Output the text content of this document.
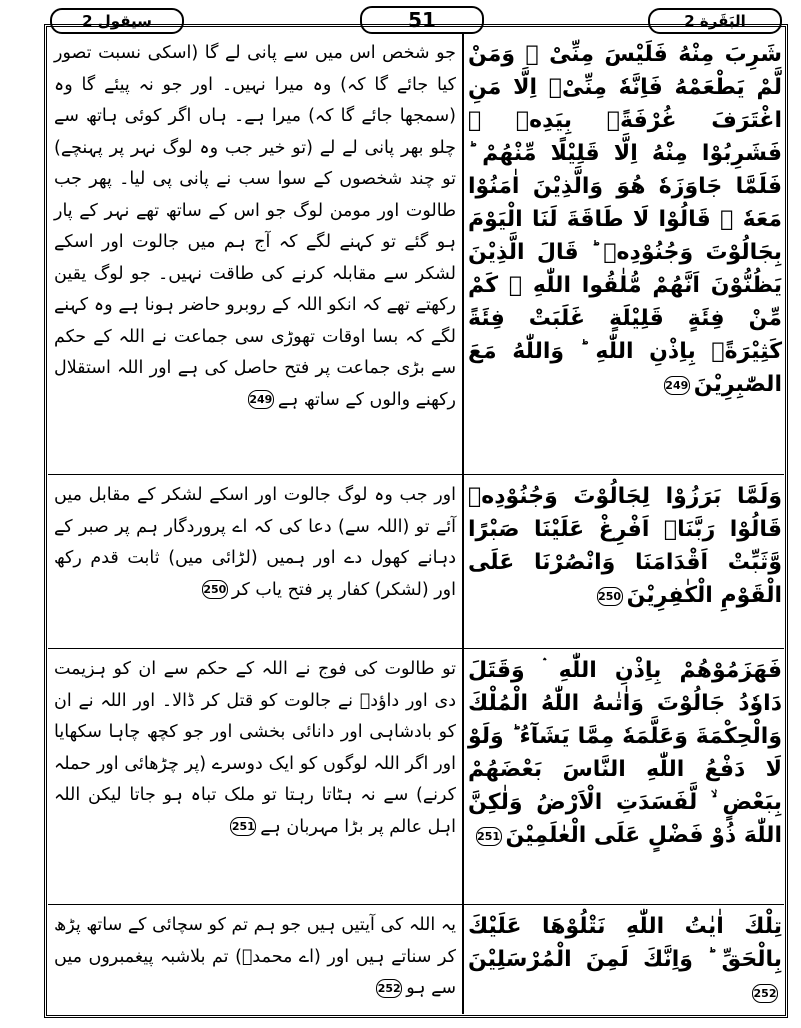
البَقَرة 2
51
سیقول 2
شَرِبَ مِنْهُ فَلَيْسَ مِنِّیْ ۚ وَمَنْ لَّمْ يَطْعَمْهُ فَاِنَّهٗ مِنِّیْۤ اِلَّا مَنِ اغْتَرَفَ غُرْفَةًۢ بِيَدِهٖ ۚ فَشَرِبُوْا مِنْهُ اِلَّا قَلِيْلًا مِّنْهُمْ ؕ فَلَمَّا جَاوَزَهٗ هُوَ وَالَّذِيْنَ اٰمَنُوْا مَعَهٗ ۙ قَالُوْا لَا طَاقَةَ لَنَا الْيَوْمَ بِجَالُوْتَ وَجُنُوْدِهٖ ؕ قَالَ الَّذِيْنَ يَظُنُّوْنَ اَنَّهُمْ مُّلٰقُوا اللّٰهِ ۙ كَمْ مِّنْ فِئَةٍ قَلِيْلَةٍ غَلَبَتْ فِئَةً كَثِيْرَةًۢ بِاِذْنِ اللّٰهِ ؕ وَاللّٰهُ مَعَ الصّٰبِرِيْنَ249
جو شخص اس میں سے پانی لے گا (اسکی نسبت تصور کیا جائے گا کہ) وہ میرا نہیں۔ اور جو نہ پیئے گا وہ (سمجھا جائے گا کہ) میرا ہے۔ ہاں اگر کوئی ہاتھ سے چلو بھر پانی لے لے (تو خیر جب وہ لوگ نہر پر پہنچے) تو چند شخصوں کے سوا سب نے پانی پی لیا۔ پھر جب طالوت اور مومن لوگ جو اس کے ساتھ تھے نہر کے پار ہو گئے تو کہنے لگے کہ آج ہم میں جالوت اور اسکے لشکر سے مقابلہ کرنے کی طاقت نہیں۔ جو لوگ یقین رکھتے تھے کہ انکو اللہ کے روبرو حاضر ہونا ہے وہ کہنے لگے کہ بسا اوقات تھوڑی سی جماعت نے اللہ کے حکم سے بڑی جماعت پر فتح حاصل کی ہے اور اللہ استقلال رکھنے والوں کے ساتھ ہے249
وَلَمَّا بَرَزُوْا لِجَالُوْتَ وَجُنُوْدِهٖ قَالُوْا رَبَّنَاۤ اَفْرِغْ عَلَيْنَا صَبْرًا وَّثَبِّتْ اَقْدَامَنَا وَانْصُرْنَا عَلَى الْقَوْمِ الْكٰفِرِيْنَ250
اور جب وہ لوگ جالوت اور اسکے لشکر کے مقابل میں آئے تو (اللہ سے) دعا کی کہ اے پروردگار ہم پر صبر کے دہانے کھول دے اور ہمیں (لڑائی میں) ثابت قدم رکھ اور (لشکر) کفار پر فتح یاب کر250
فَهَزَمُوْهُمْ بِاِذْنِ اللّٰهِ ۛ وَقَتَلَ دَاوٗدُ جَالُوْتَ وَاٰتٰىهُ اللّٰهُ الْمُلْكَ وَالْحِكْمَةَ وَعَلَّمَهٗ مِمَّا يَشَآءُ ؕ وَلَوْ لَا دَفْعُ اللّٰهِ النَّاسَ بَعْضَهُمْ بِبَعْضٍ ۙ لَّفَسَدَتِ الْاَرْضُ وَلٰكِنَّ اللّٰهَ ذُوْ فَضْلٍ عَلَى الْعٰلَمِيْنَ251
تو طالوت کی فوج نے اللہ کے حکم سے ان کو ہزیمت دی اور داؤدؑ نے جالوت کو قتل کر ڈالا۔ اور اللہ نے ان کو بادشاہی اور دانائی بخشی اور جو کچھ چاہا سکھایا اور اگر اللہ لوگوں کو ایک دوسرے (پر چڑھائی اور حملہ کرنے) سے نہ ہٹاتا رہتا تو ملک تباہ ہو جاتا لیکن اللہ اہل عالم پر بڑا مہربان ہے251
تِلْكَ اٰيٰتُ اللّٰهِ نَتْلُوْهَا عَلَيْكَ بِالْحَقِّ ؕ وَاِنَّكَ لَمِنَ الْمُرْسَلِيْنَ252
یہ اللہ کی آیتیں ہیں جو ہم تم کو سچائی کے ساتھ پڑھ کر سناتے ہیں اور (اے محمدؐ) تم بلاشبہ پیغمبروں میں سے ہو252
